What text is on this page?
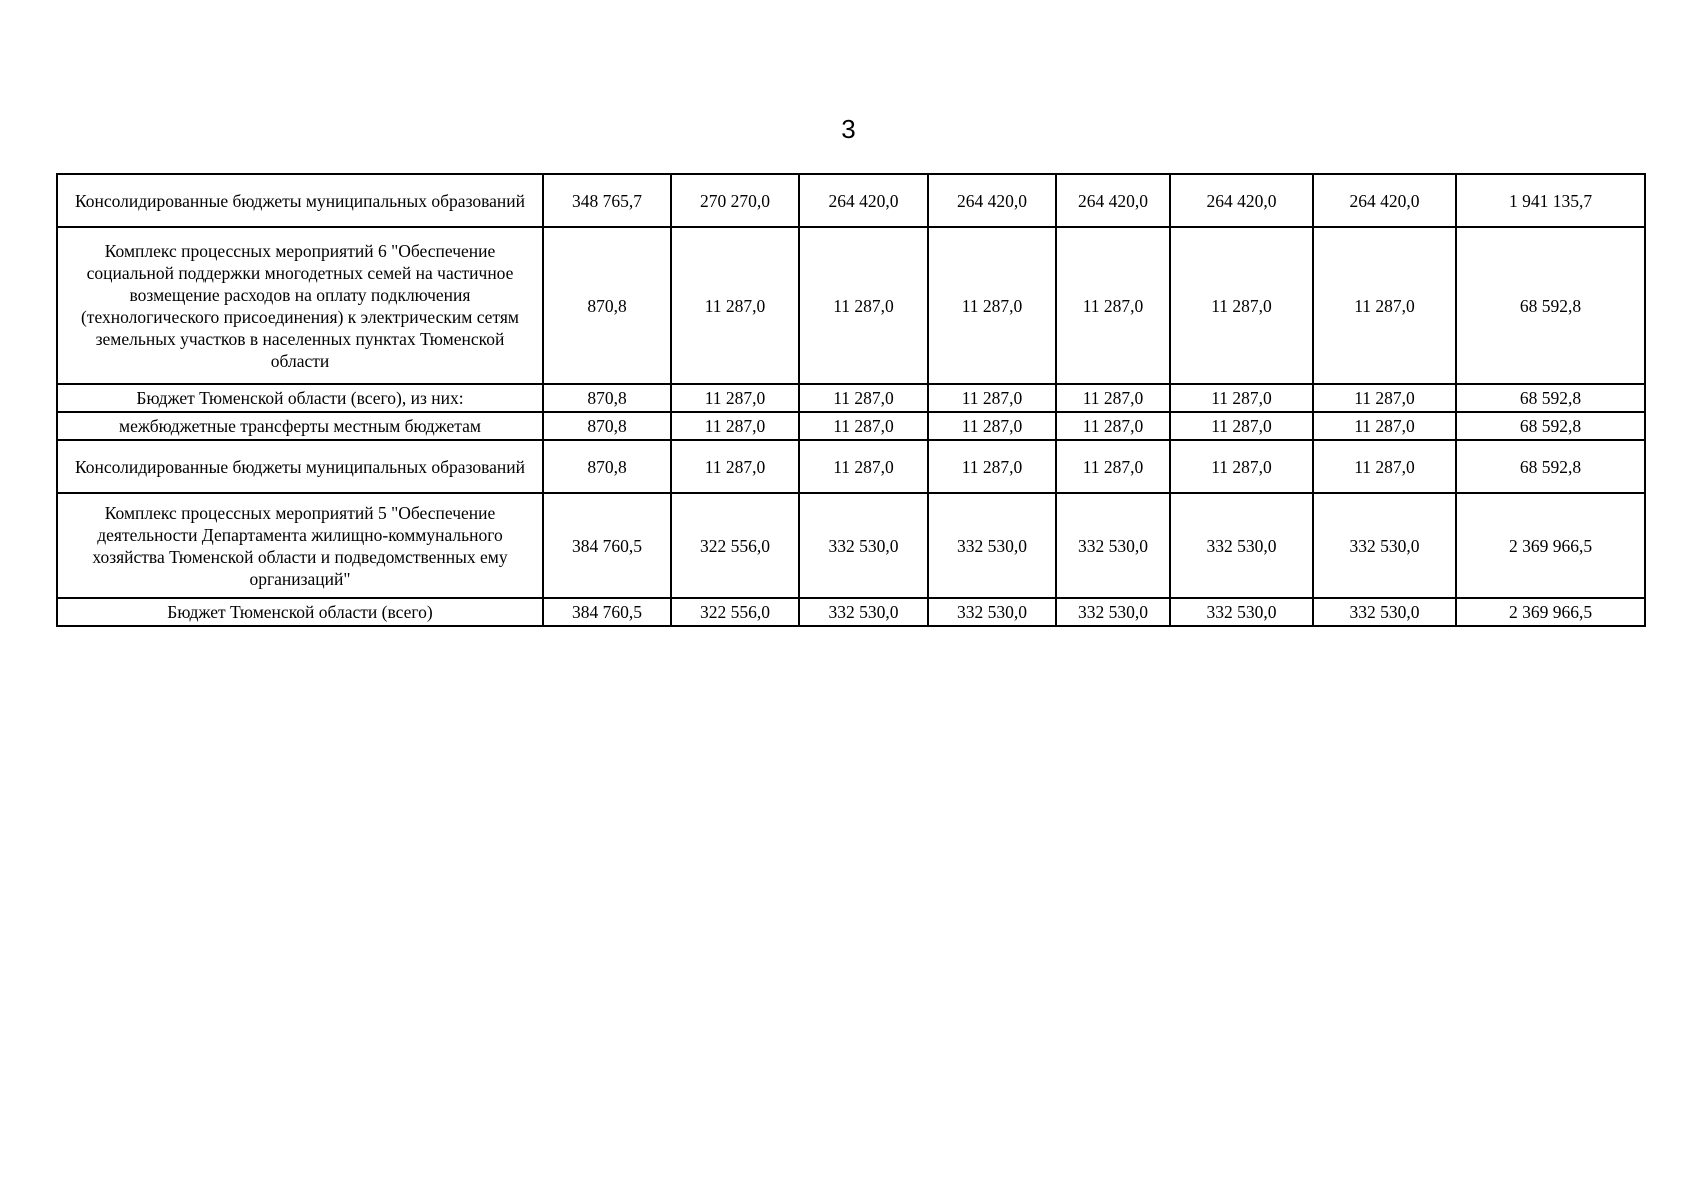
3
Консолидированные бюджеты муниципальных образований	348 765,7	270 270,0	264 420,0	264 420,0	264 420,0	264 420,0	264 420,0	1 941 135,7
Комплекс процессных мероприятий 6 "Обеспечение социальной поддержки многодетных семей на частичное возмещение расходов на оплату подключения (технологического присоединения) к электрическим сетям земельных участков в населенных пунктах Тюменской области	870,8	11 287,0	11 287,0	11 287,0	11 287,0	11 287,0	11 287,0	68 592,8
Бюджет Тюменской области (всего), из них:	870,8	11 287,0	11 287,0	11 287,0	11 287,0	11 287,0	11 287,0	68 592,8
межбюджетные трансферты местным бюджетам	870,8	11 287,0	11 287,0	11 287,0	11 287,0	11 287,0	11 287,0	68 592,8
Консолидированные бюджеты муниципальных образований	870,8	11 287,0	11 287,0	11 287,0	11 287,0	11 287,0	11 287,0	68 592,8
Комплекс процессных мероприятий 5 "Обеспечение деятельности Департамента жилищно-коммунального хозяйства Тюменской области и подведомственных ему организаций"	384 760,5	322 556,0	332 530,0	332 530,0	332 530,0	332 530,0	332 530,0	2 369 966,5
Бюджет Тюменской области (всего)	384 760,5	322 556,0	332 530,0	332 530,0	332 530,0	332 530,0	332 530,0	2 369 966,5
